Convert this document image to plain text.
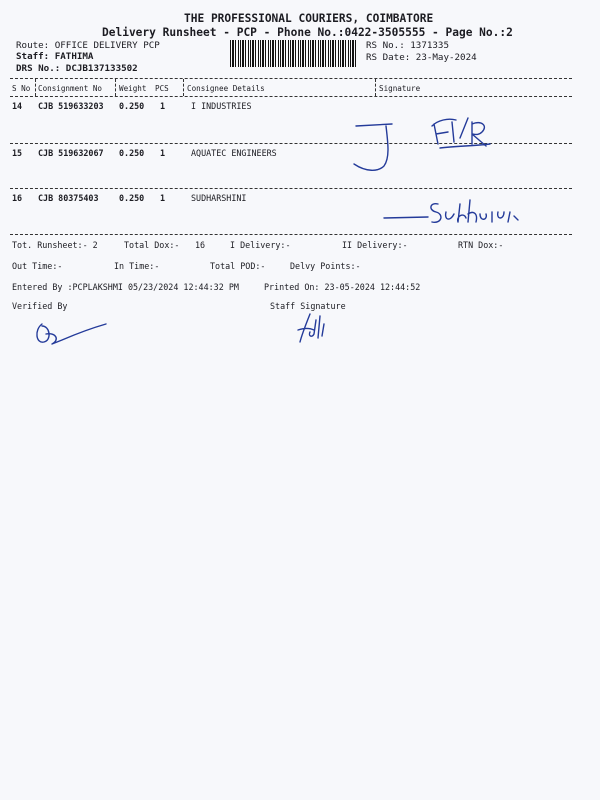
THE PROFESSIONAL COURIERS, COIMBATORE
Delivery Runsheet - PCP - Phone No.:0422-3505555 - Page No.:2
Route: OFFICE DELIVERY PCP
Staff: FATHIMA
DRS No.: DCJB137133502
RS No.: 1371335
RS Date: 23-May-2024
S No Consignment No Weight PCS Consignee Details	Signature
14 CJB 519633203 0.250 1	I INDUSTRIES
15 CJB 519632067 0.250 1	AQUATEC ENGINEERS
16 CJB 80375403 0.250 1	SUDHARSHINI
Tot. Runsheet:- 2	Total Dox:- 16	I Delivery:-	II Delivery:-	RTN Dox:-
Out Time:-	In Time:-	Total POD:-	Delvy Points:-
Entered By :PCPLAKSHMI 05/23/2024 12:44:32 PM	Printed On: 23-05-2024 12:44:52
Verified By	Staff Signature
